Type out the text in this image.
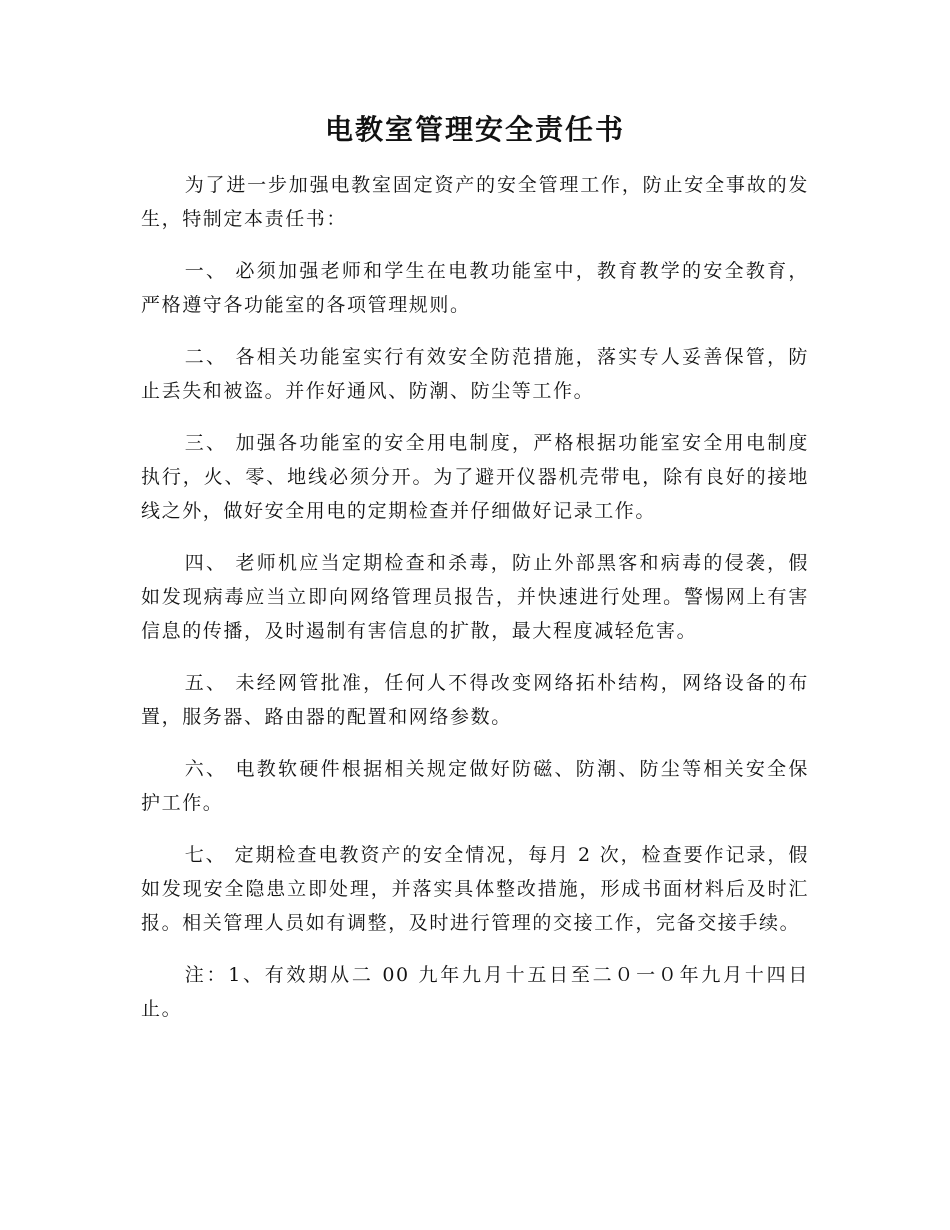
电教室管理安全责任书

为了进一步加强电教室固定资产的安全管理工作，防止安全事故的发生，特制定本责任书：

一、 必须加强老师和学生在电教功能室中，教育教学的安全教育，严格遵守各功能室的各项管理规则。

二、 各相关功能室实行有效安全防范措施，落实专人妥善保管，防止丢失和被盗。并作好通风、防潮、防尘等工作。

三、 加强各功能室的安全用电制度，严格根据功能室安全用电制度执行，火、零、地线必须分开。为了避开仪器机壳带电，除有良好的接地线之外，做好安全用电的定期检查并仔细做好记录工作。

四、 老师机应当定期检查和杀毒，防止外部黑客和病毒的侵袭，假如发现病毒应当立即向网络管理员报告，并快速进行处理。警惕网上有害信息的传播，及时遏制有害信息的扩散，最大程度减轻危害。

五、 未经网管批准，任何人不得改变网络拓朴结构，网络设备的布置，服务器、路由器的配置和网络参数。

六、 电教软硬件根据相关规定做好防磁、防潮、防尘等相关安全保护工作。

七、 定期检查电教资产的安全情况，每月 2 次，检查要作记录，假如发现安全隐患立即处理，并落实具体整改措施，形成书面材料后及时汇报。相关管理人员如有调整，及时进行管理的交接工作，完备交接手续。

注：1、有效期从二 00 九年九月十五日至二０一０年九月十四日止。
